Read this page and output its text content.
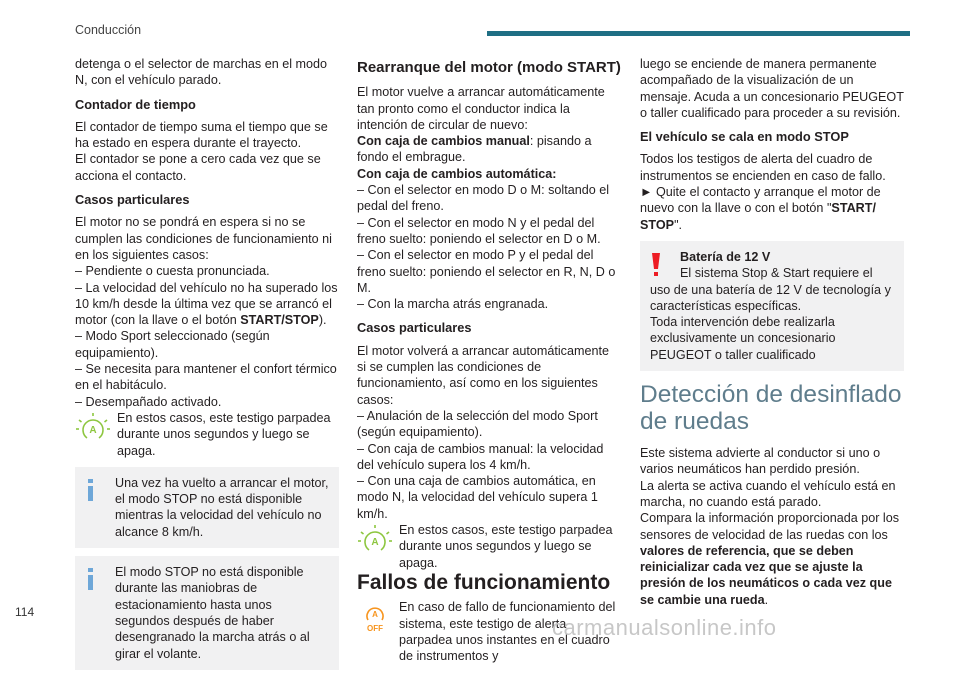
Conducción

detenga o el selector de marchas en el modo N, con el vehículo parado.

Contador de tiempo

El contador de tiempo suma el tiempo que se ha estado en espera durante el trayecto.

El contador se pone a cero cada vez que se acciona el contacto.

Casos particulares

El motor no se pondrá en espera si no se cumplen las condiciones de funcionamiento ni en los siguientes casos:

– Pendiente o cuesta pronunciada.

– La velocidad del vehículo no ha superado los 10 km/h desde la última vez que se arrancó el motor (con la llave o el botón START/STOP).

– Modo Sport seleccionado (según equipamiento).

– Se necesita para mantener el confort térmico en el habitáculo.

– Desempañado activado.

A

En estos casos, este testigo parpadea durante unos segundos y luego se apaga.

Una vez ha vuelto a arrancar el motor, el modo STOP no está disponible mientras la velocidad del vehículo no alcance 8 km/h.

El modo STOP no está disponible durante las maniobras de estacionamiento hasta unos segundos después de haber desengranado la marcha atrás o al girar el volante.

Rearranque del motor (modo START)

El motor vuelve a arrancar automáticamente tan pronto como el conductor indica la intención de circular de nuevo:

Con caja de cambios manual: pisando a fondo el embrague.

Con caja de cambios automática:

– Con el selector en modo D o M: soltando el pedal del freno.

– Con el selector en modo N y el pedal del freno suelto: poniendo el selector en D o M.

– Con el selector en modo P y el pedal del freno suelto: poniendo el selector en R, N, D o M.

– Con la marcha atrás engranada.

Casos particulares

El motor volverá a arrancar automáticamente si se cumplen las condiciones de funcionamiento, así como en los siguientes casos:

– Anulación de la selección del modo Sport (según equipamiento).

– Con caja de cambios manual: la velocidad del vehículo supera los 4 km/h.

– Con una caja de cambios automática, en modo N, la velocidad del vehículo supera 1 km/h.

A

En estos casos, este testigo parpadea durante unos segundos y luego se apaga.

Fallos de funcionamiento
A
OFF

En caso de fallo de funcionamiento del sistema, este testigo de alerta parpadea unos instantes en el cuadro de instrumentos y

luego se enciende de manera permanente acompañado de la visualización de un mensaje. Acuda a un concesionario PEUGEOT o taller cualificado para proceder a su revisión.

El vehículo se cala en modo STOP

Todos los testigos de alerta del cuadro de instrumentos se encienden en caso de fallo.

► Quite el contacto y arranque el motor de nuevo con la llave o con el botón "START/ STOP".

Batería de 12 V

El sistema Stop & Start requiere el uso de una batería de 12 V de tecnología y características específicas.

Toda intervención debe realizarla exclusivamente un concesionario PEUGEOT o taller cualificado

Detección de desinflado de ruedas

Este sistema advierte al conductor si uno o varios neumáticos han perdido presión.

La alerta se activa cuando el vehículo está en marcha, no cuando está parado.

Compara la información proporcionada por los sensores de velocidad de las ruedas con los valores de referencia, que se deben reinicializar cada vez que se ajuste la presión de los neumáticos o cada vez que se cambie una rueda.

114
carmanualsonline.info
